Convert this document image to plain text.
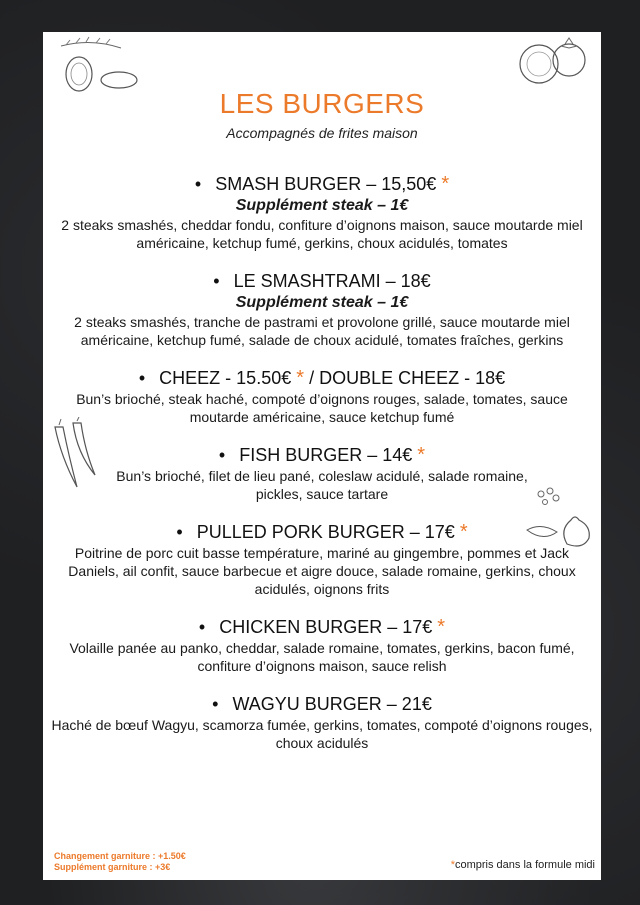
LES BURGERS
Accompagnés de frites maison
• SMASH BURGER – 15,50€ *
Supplément steak – 1€
2 steaks smashés, cheddar fondu, confiture d’oignons maison, sauce moutarde miel américaine, ketchup fumé, gerkins, choux acidulés, tomates
• LE SMASHTRAMI – 18€
Supplément steak – 1€
2 steaks smashés, tranche de pastrami et provolone grillé, sauce moutarde miel américaine, ketchup fumé, salade de choux acidulé, tomates fraîches, gerkins
• CHEEZ - 15.50€ * / DOUBLE CHEEZ - 18€
Bun’s brioché, steak haché, compoté d’oignons rouges, salade, tomates, sauce moutarde américaine, sauce ketchup fumé
• FISH BURGER – 14€ *
Bun’s brioché, filet de lieu pané, coleslaw acidulé, salade romaine, pickles, sauce tartare
• PULLED PORK BURGER – 17€ *
Poitrine de porc cuit basse température, mariné au gingembre, pommes et Jack Daniels, ail confit, sauce barbecue et aigre douce, salade romaine, gerkins, choux acidulés, oignons frits
• CHICKEN BURGER – 17€ *
Volaille panée au panko, cheddar, salade romaine, tomates, gerkins, bacon fumé, confiture d’oignons maison, sauce relish
• WAGYU BURGER – 21€
Haché de bœuf Wagyu, scamorza fumée, gerkins, tomates, compoté d’oignons rouges, choux acidulés
Changement garniture : +1.50€
Supplément garniture : +3€	*compris dans la formule midi
